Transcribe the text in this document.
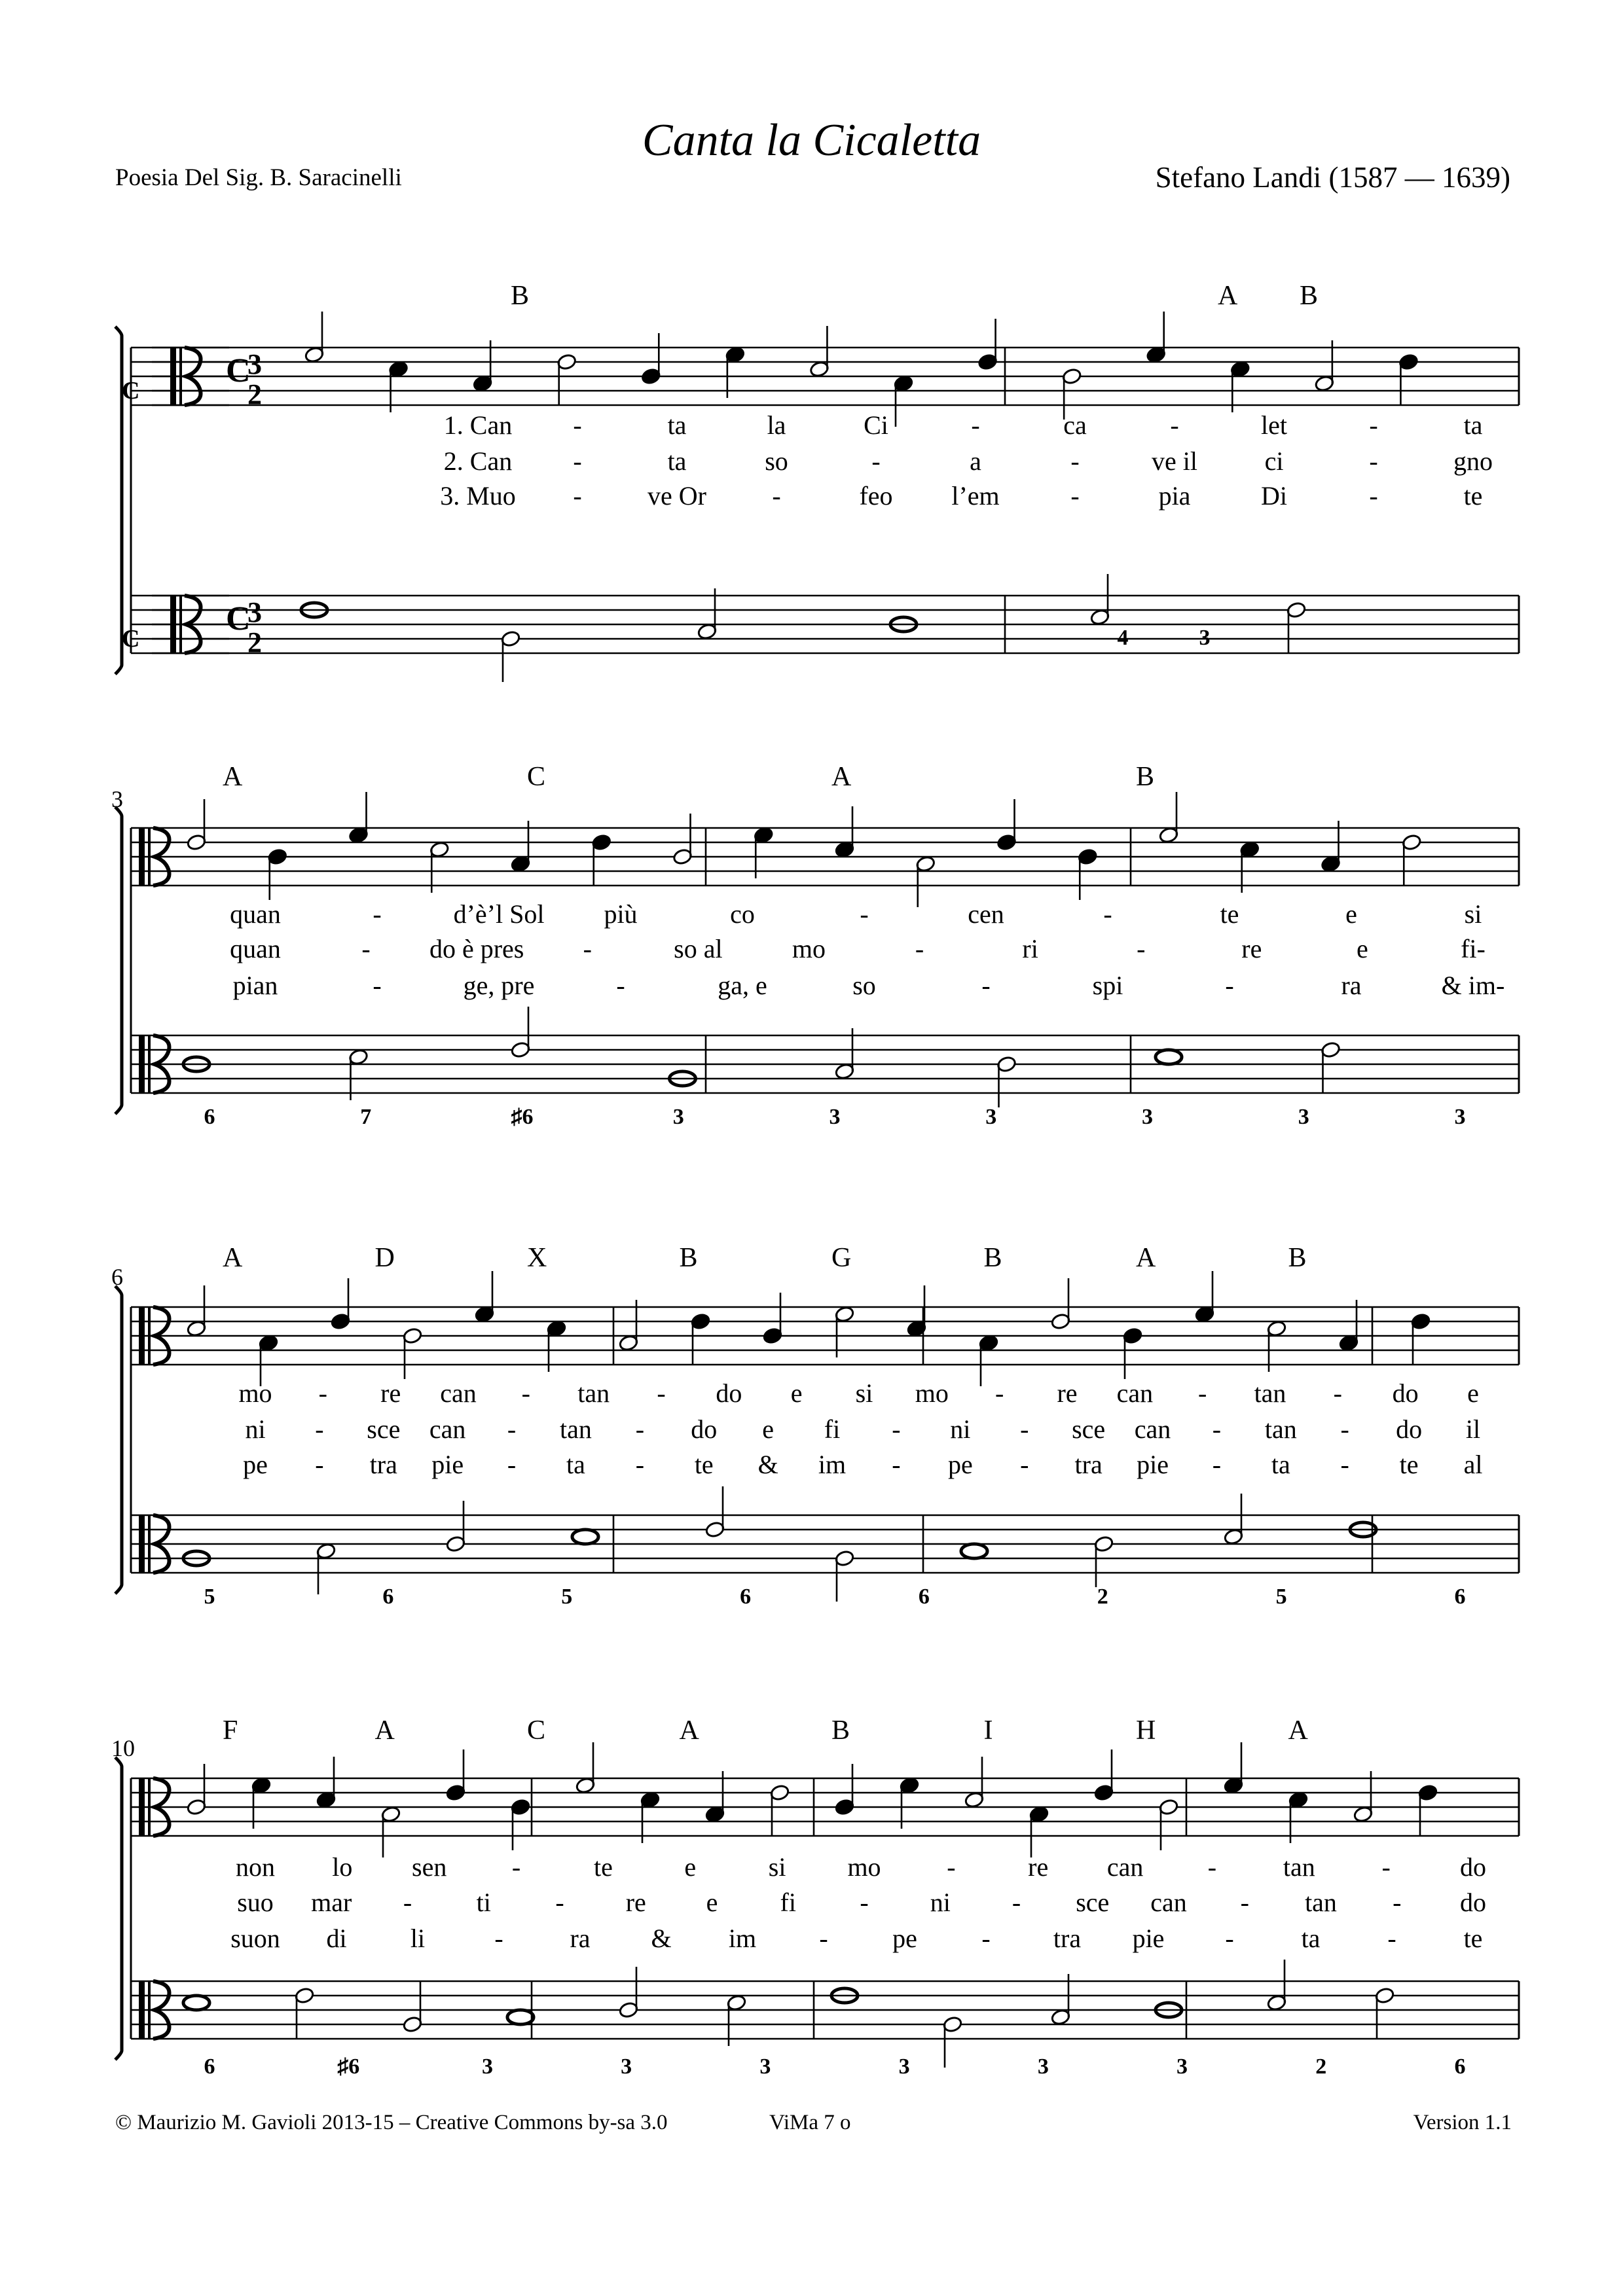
Canta la Cicaletta
Poesia Del Sig. B. Saracinelli	Stefano Landi (1587 — 1639)
C
3
2
C
3
2
C
C
B	A B
1. Can -	ta	la	Ci	-	ca	-	let	-	ta
2. Can -	ta	so	-	a	-	ve il	ci	-	gno
3. Muo -	ve Or	-	feo l’em	-	pia	Di	-	te
4	3
3
A	C	A	B
quan	-	d’è’l Sol più	co	-	cen	-	te	e	si
quan	- do è pres -	so al	mo	-	ri	-	re	e	fi-
pian	-	ge, pre	-	ga, e	so	-	spi	-	ra	& im-
6	7	♯6	3	3	3	3	3	3
6
A	D	X	B	G	B	A	B
mo - re can - tan - do e si mo - re can - tan - do e
ni - sce can - tan - do e fi - ni - sce can - tan - do il
pe - tra pie - ta - te & im - pe - tra pie - ta - te al
5	6	5	6	6	2	5	6
10
F	A	C	A	B	I	H	A
non lo sen -	te	e	si mo	-	re can -	tan	-	do
suo mar - ti - re e fi - ni - sce can - tan - do
suon di li	-	ra & im - pe - tra pie -	ta	-	te
6	♯6	3	3	3	3	3	3	2	6
© Maurizio M. Gavioli 2013-15 – Creative Commons by-sa 3.0	ViMa 7 o	Version 1.1
